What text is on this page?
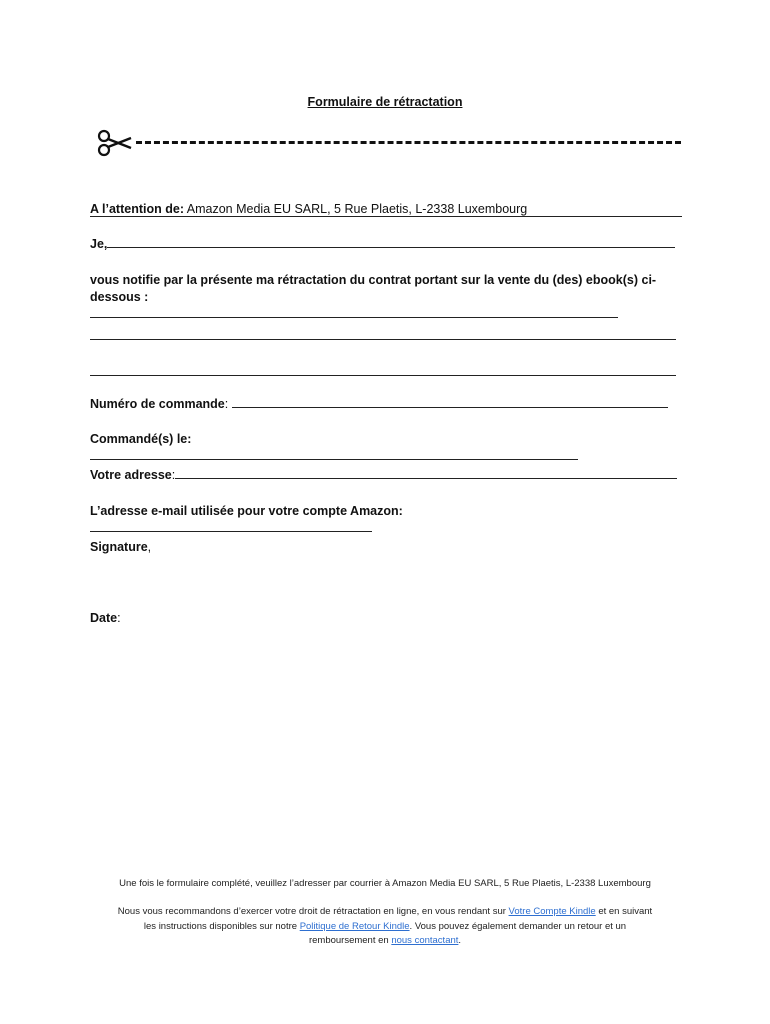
Formulaire de rétractation
A l’attention de: Amazon Media EU SARL, 5 Rue Plaetis, L-2338 Luxembourg
Je,
vous notifie par la présente ma rétractation du contrat portant sur la vente du (des) ebook(s) ci-
dessous :
Numéro de commande:
Commandé(s) le:
Votre adresse:
L’adresse e-mail utilisée pour votre compte Amazon:
Signature,
Date:
Une fois le formulaire complété, veuillez l’adresser par courrier à Amazon Media EU SARL, 5 Rue Plaetis, L-2338 Luxembourg
Nous vous recommandons d’exercer votre droit de rétractation en ligne, en vous rendant sur Votre Compte Kindle et en suivant
les instructions disponibles sur notre Politique de Retour Kindle. Vous pouvez également demander un retour et un
remboursement en nous contactant.
